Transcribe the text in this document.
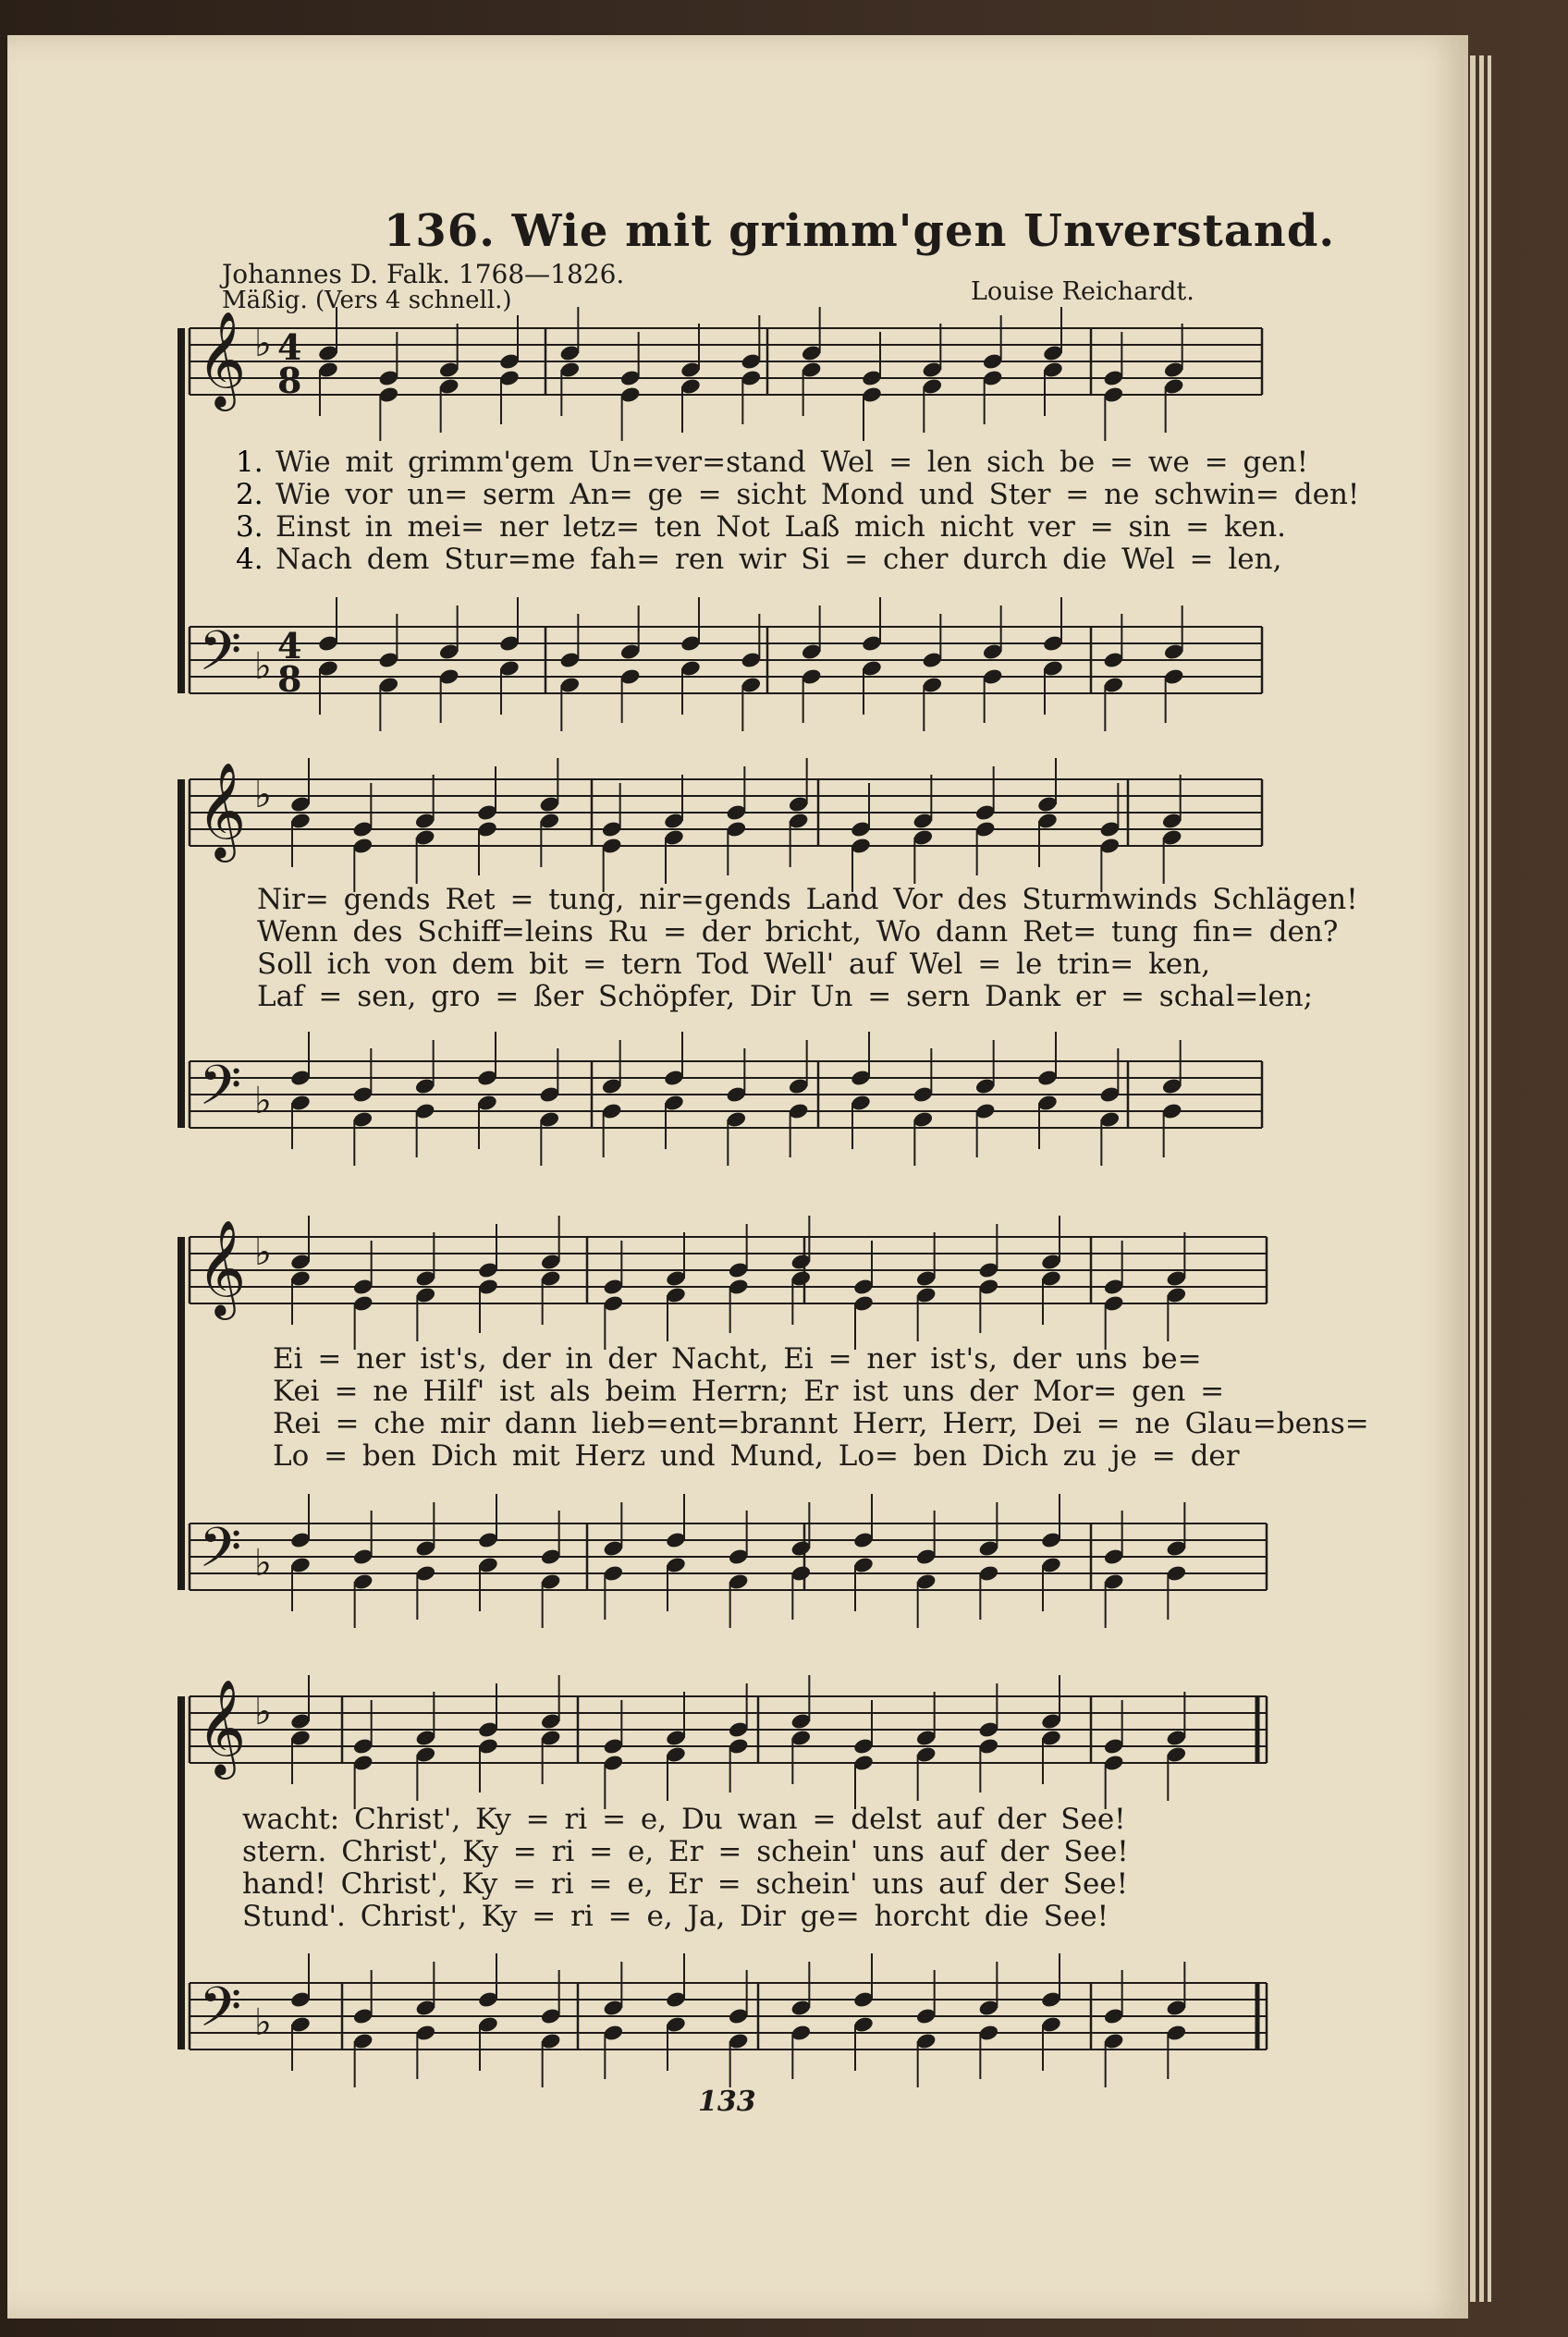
136. Wie mit grimm'gen Unverstand.
Johannes D. Falk. 1768—1826.
Mäßig. (Vers 4 schnell.)	Louise Reichardt.
𝄞
𝄢
♭
♭
4
8
4
8
𝄞
𝄢
♭
♭
𝄞
𝄢
♭
♭
𝄞
𝄢
♭
♭
1.
2.
3.
4.
Wie mit grimm'gem Un=ver=stand Wel = len sich be = we = gen!
Wie vor un= serm An= ge = sicht Mond und Ster = ne schwin= den!
Einst in mei= ner letz= ten Not Laß mich nicht ver = sin = ken.
Nach dem Stur=me fah= ren wir Si = cher durch die Wel = len,
Nir= gends Ret = tung, nir=gends Land Vor des Sturmwinds Schlägen!
Wenn des Schiff=leins Ru = der bricht, Wo dann Ret= tung fin= den?
Soll ich von dem bit = tern Tod Well' auf Wel = le trin= ken,
Laf = sen, gro = ßer Schöpfer, Dir Un = sern Dank er = schal=len;
Ei = ner ist's, der in der Nacht, Ei = ner ist's, der uns be=
Kei = ne Hilf' ist als beim Herrn; Er ist uns der Mor= gen =
Rei = che mir dann lieb=ent=brannt Herr, Herr, Dei = ne Glau=bens=
Lo = ben Dich mit Herz und Mund, Lo= ben Dich zu je = der
wacht: Christ', Ky = ri = e, Du wan = delst auf der See!
stern. Christ', Ky = ri = e, Er = schein' uns auf der See!
hand! Christ', Ky = ri = e, Er = schein' uns auf der See!
Stund'. Christ', Ky = ri = e, Ja, Dir ge= horcht die See!
133
